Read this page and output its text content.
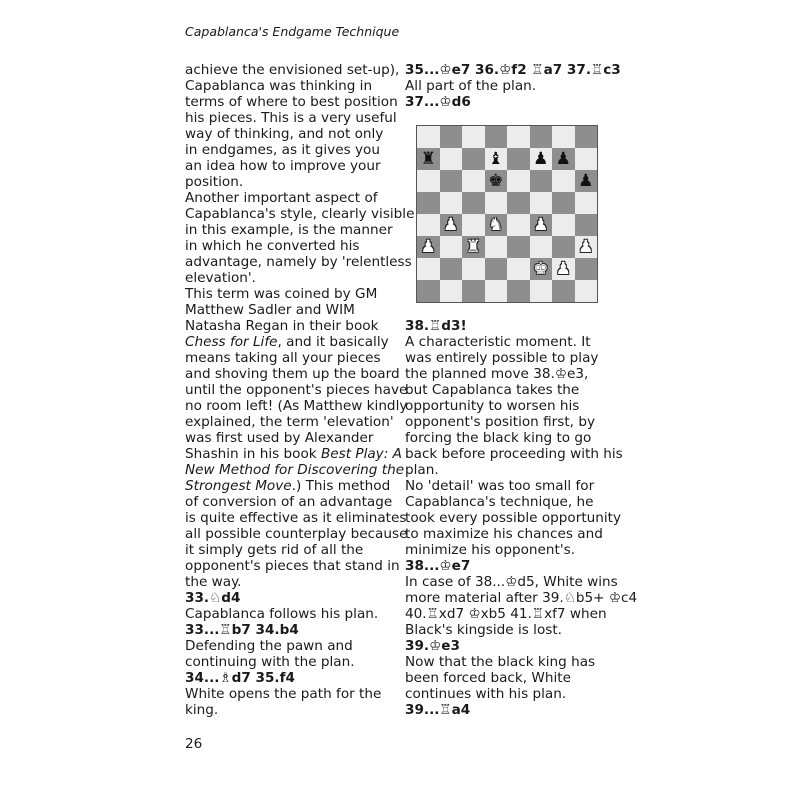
Capablanca's Endgame Technique
achieve the envisioned set-up),
Capablanca was thinking in
terms of where to best position
his pieces. This is a very useful
way of thinking, and not only
in endgames, as it gives you
an idea how to improve your
position.
Another important aspect of
Capablanca's style, clearly visible
in this example, is the manner
in which he converted his
advantage, namely by 'relentless
elevation'.
This term was coined by GM
Matthew Sadler and WIM
Natasha Regan in their book
Chess for Life, and it basically
means taking all your pieces
and shoving them up the board
until the opponent's pieces have
no room left! (As Matthew kindly
explained, the term 'elevation'
was first used by Alexander
Shashin in his book Best Play: A
New Method for Discovering the
Strongest Move.) This method
of conversion of an advantage
is quite effective as it eliminates
all possible counterplay because
it simply gets rid of all the
opponent's pieces that stand in
the way.
33.♘d4
Capablanca follows his plan.
33...♖b7 34.b4
Defending the pawn and
continuing with the plan.
34...♗d7 35.f4
White opens the path for the
king.
35...♔e7 36.♔f2 ♖a7 37.♖c3
All part of the plan.
37...♔d6
♜	♝ ♟ ♟
♚	♟
♟ ♞ ♟
♟ ♜	♟
♚ ♟
38.♖d3!
A characteristic moment. It
was entirely possible to play
the planned move 38.♔e3,
but Capablanca takes the
opportunity to worsen his
opponent's position first, by
forcing the black king to go
back before proceeding with his
plan.
No 'detail' was too small for
Capablanca's technique, he
took every possible opportunity
to maximize his chances and
minimize his opponent's.
38...♔e7
In case of 38...♔d5, White wins
more material after 39.♘b5+ ♔c4
40.♖xd7 ♔xb5 41.♖xf7 when
Black's kingside is lost.
39.♔e3
Now that the black king has
been forced back, White
continues with his plan.
39...♖a4
26
